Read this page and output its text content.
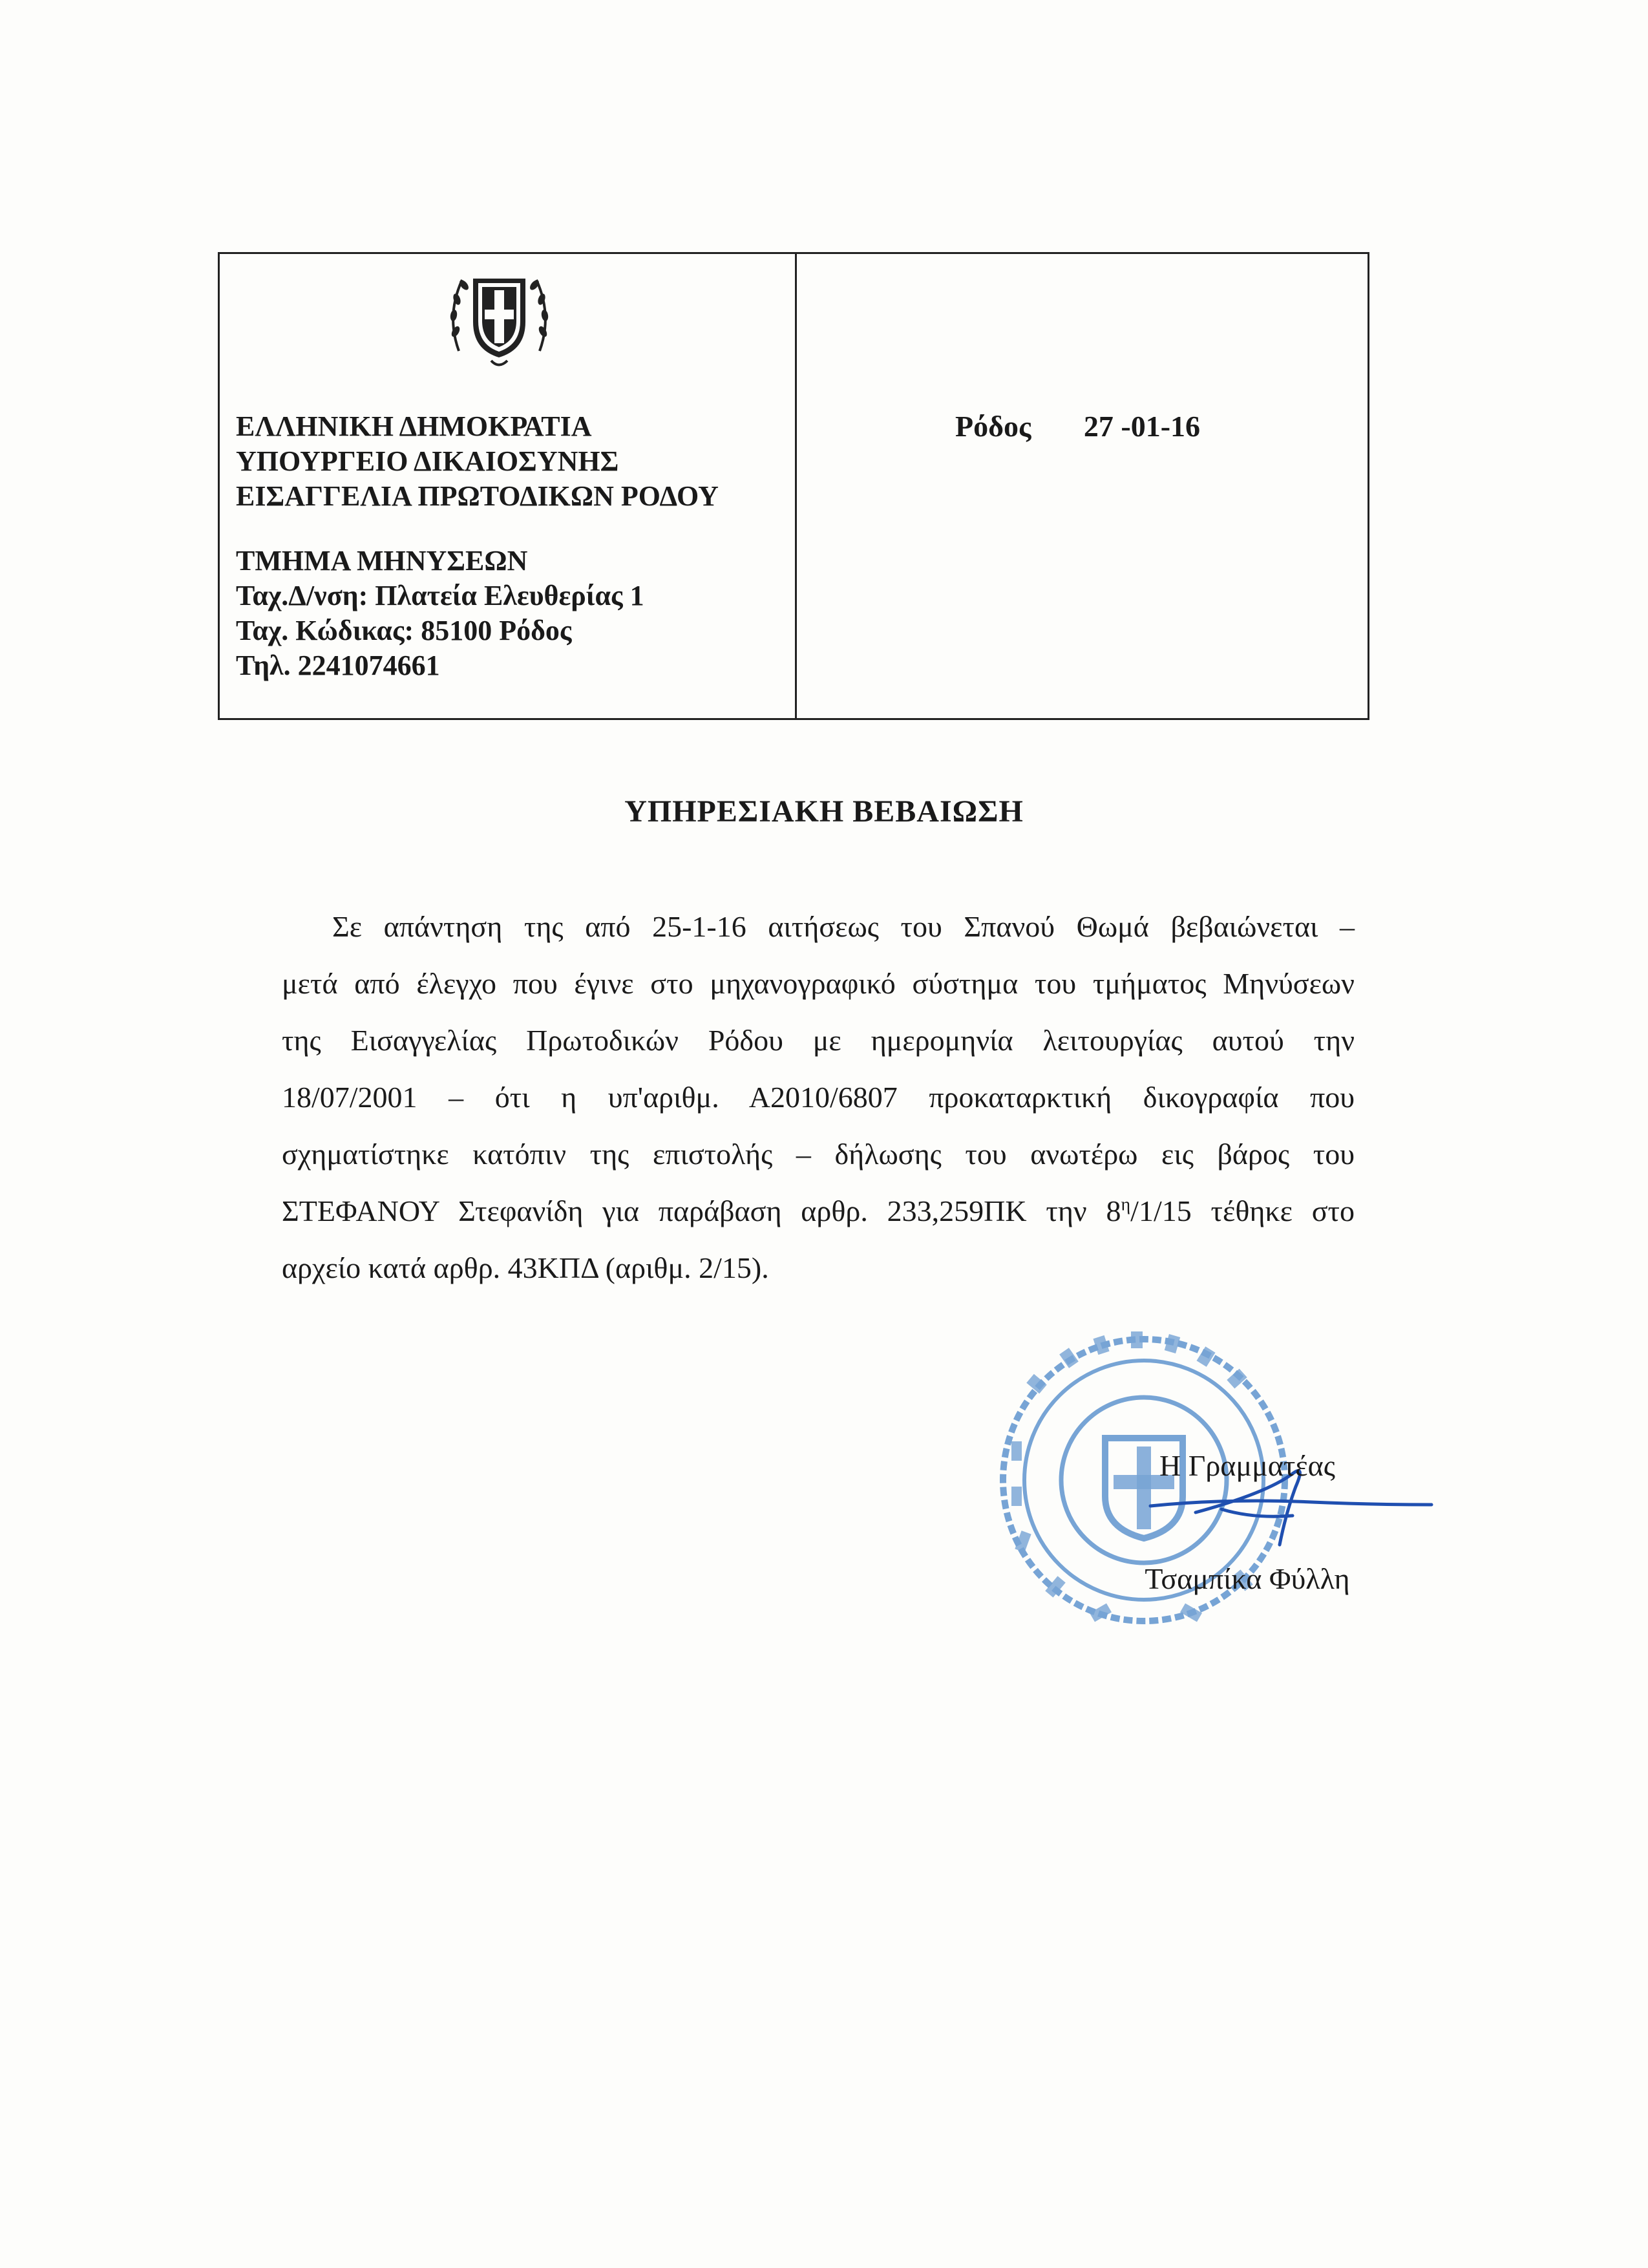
ΕΛΛΗΝΙΚΗ ΔΗΜΟΚΡΑΤΙΑ
ΥΠΟΥΡΓΕΙΟ ΔΙΚΑΙΟΣΥΝΗΣ
ΕΙΣΑΓΓΕΛΙΑ ΠΡΩΤΟΔΙΚΩΝ ΡΟΔΟΥ
ΤΜΗΜΑ ΜΗΝΥΣΕΩΝ
Ταχ.Δ/νση: Πλατεία Ελευθερίας 1
Ταχ. Κώδικας: 85100 Ρόδος
Τηλ. 2241074661
Ρόδος 27 -01-16
ΥΠΗΡΕΣΙΑΚΗ ΒΕΒΑΙΩΣΗ
Σε απάντηση της από 25-1-16 αιτήσεως του Σπανού Θωμά βεβαιώνεται –
μετά από έλεγχο που έγινε στο μηχανογραφικό σύστημα του τμήματος Μηνύσεων
της Εισαγγελίας Πρωτοδικών Ρόδου με ημερομηνία λειτουργίας αυτού την
18/07/2001 – ότι η υπ'αριθμ. Α2010/6807 προκαταρκτική δικογραφία που
σχηματίστηκε κατόπιν της επιστολής – δήλωσης του ανωτέρω εις βάρος του
ΣΤΕΦΑΝΟΥ Στεφανίδη για παράβαση αρθρ. 233,259ΠΚ την $8^\eta/1/15$ τέθηκε στο
αρχείο κατά αρθρ. 43ΚΠΔ (αριθμ. 2/15).
Η Γραμματέας
Τσαμπίκα Φύλλη
